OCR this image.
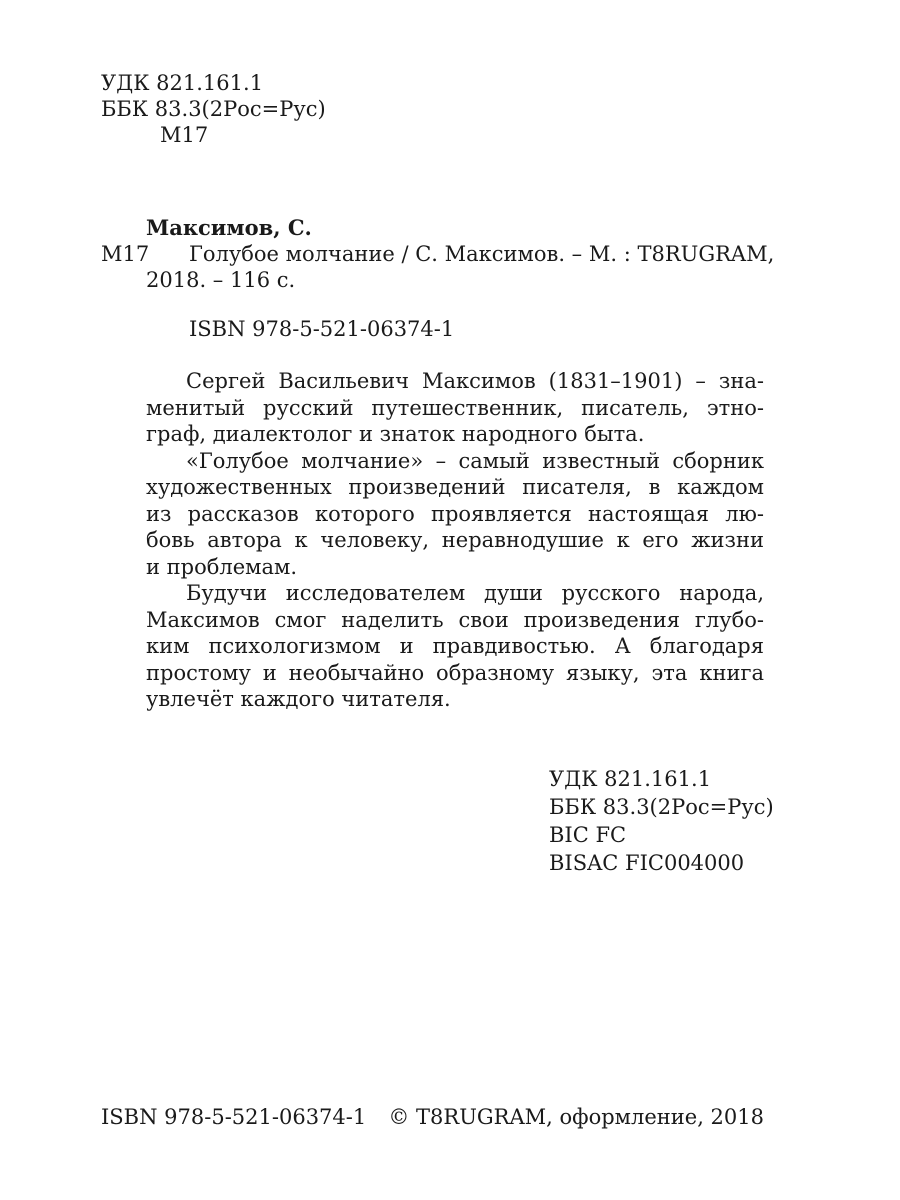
УДК 821.161.1
ББК 83.3(2Рос=Рус)
М17
Максимов, С.
М17 Голубое молчание / С. Максимов. – М. : T8RUGRAM,
2018. – 116 с.
ISBN 978-5-521-06374-1
Сергей Васильевич Максимов (1831–1901) – зна-
менитый русский путешественник, писатель, этно-
граф, диалектолог и знаток народного быта.
«Голубое молчание» – самый известный сборник
художественных произведений писателя, в каждом
из рассказов которого проявляется настоящая лю-
бовь автора к человеку, неравнодушие к его жизни
и проблемам.
Будучи исследователем души русского народа,
Максимов смог наделить свои произведения глубо-
ким психологизмом и правдивостью. А благодаря
простому и необычайно образному языку, эта книга
увлечёт каждого читателя.
УДК 821.161.1
ББК 83.3(2Рос=Рус)
BIC FC
BISAC FIC004000
ISBN 978-5-521-06374-1 © T8RUGRAM, оформление, 2018
